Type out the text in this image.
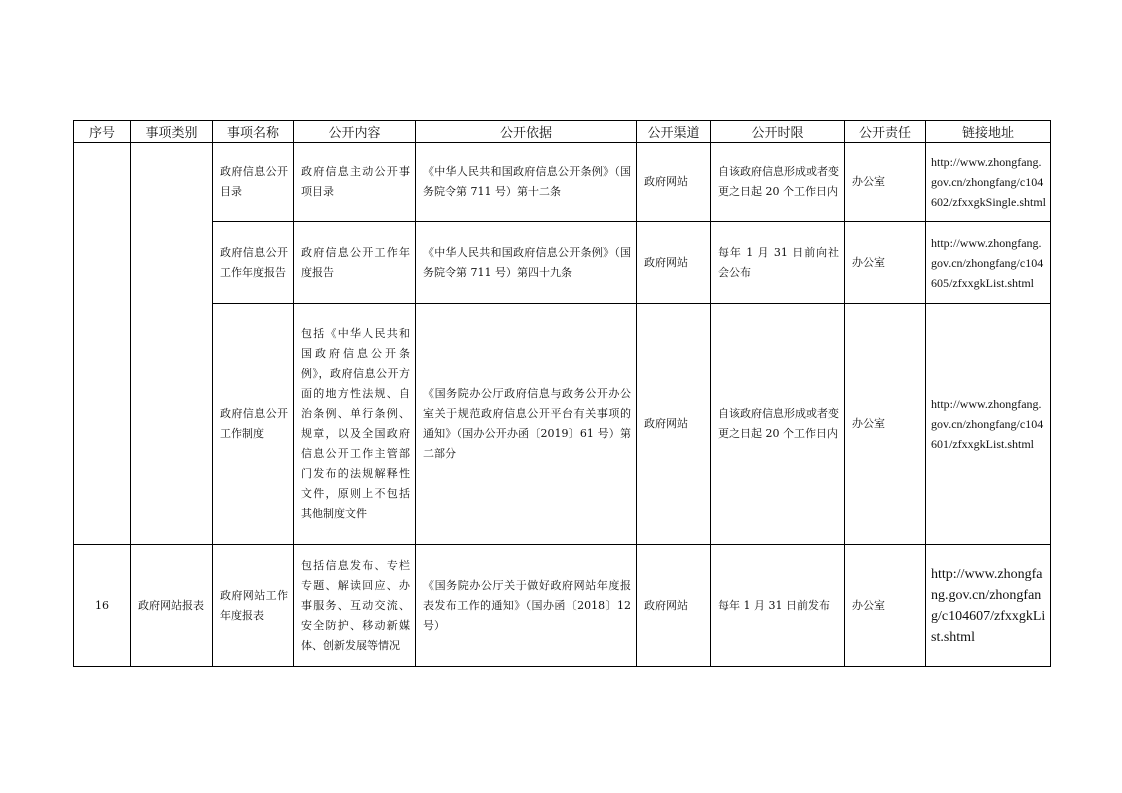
序号	事项类别	事项名称	公开内容	公开依据	公开渠道	公开时限	公开责任	链接地址
		政府信息公开目录	政府信息主动公开事项目录	《中华人民共和国政府信息公开条例》（国务院令第 711 号）第十二条	政府网站	自该政府信息形成或者变更之日起 20 个工作日内	办公室	http://www.zhongfang.gov.cn/zhongfang/c104602/zfxxgkSingle.shtml
		政府信息公开工作年度报告	政府信息公开工作年度报告	《中华人民共和国政府信息公开条例》（国务院令第 711 号）第四十九条	政府网站	每年 1 月 31 日前向社会公布	办公室	http://www.zhongfang.gov.cn/zhongfang/c104605/zfxxgkList.shtml
		政府信息公开工作制度	包括《中华人民共和国政府信息公开条例》，政府信息公开方面的地方性法规、自治条例、单行条例、规章，以及全国政府信息公开工作主管部门发布的法规解释性文件，原则上不包括其他制度文件	《国务院办公厅政府信息与政务公开办公室关于规范政府信息公开平台有关事项的通知》（国办公开办函〔2019〕61 号）第二部分	政府网站	自该政府信息形成或者变更之日起 20 个工作日内	办公室	http://www.zhongfang.gov.cn/zhongfang/c104601/zfxxgkList.shtml
16	政府网站报表	政府网站工作年度报表	包括信息发布、专栏专题、解读回应、办事服务、互动交流、安全防护、移动新媒体、创新发展等情况	《国务院办公厅关于做好政府网站年度报表发布工作的通知》（国办函〔2018〕12 号）	政府网站	每年 1 月 31 日前发布	办公室	http://www.zhongfang.gov.cn/zhongfang/c104607/zfxxgkList.shtml
